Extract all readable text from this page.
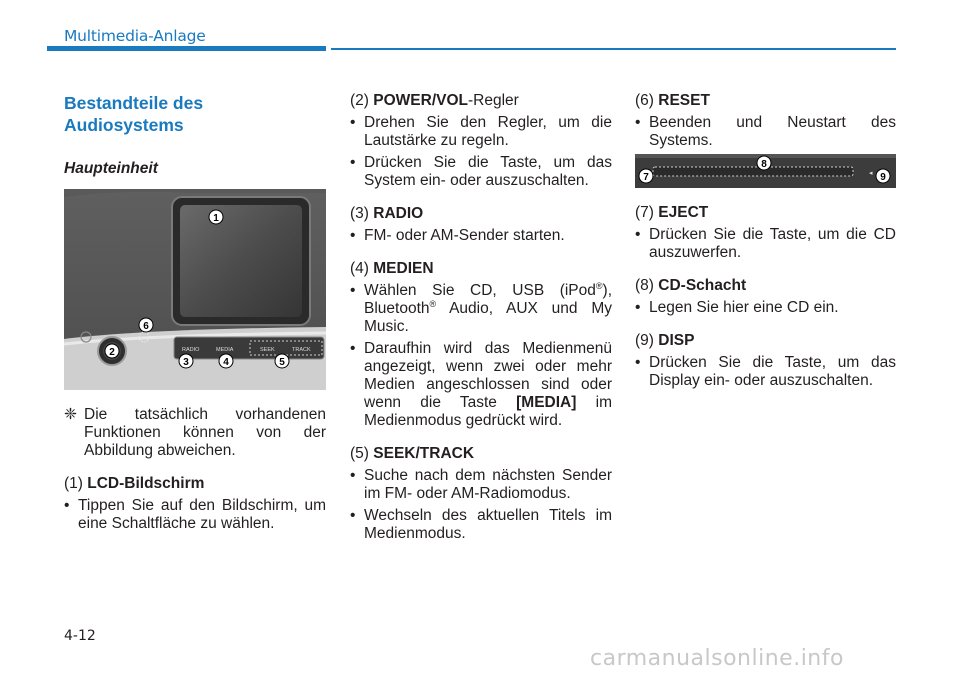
Multimedia-Anlage
Bestandteile des Audiosystems
Haupteinheit
RADIO	MEDIA	SEEK	TRACK
1
2
3	4	5
6

❈ Die tatsächlich vorhandenen Funktionen können von der Abbildung abweichen.

(1) LCD-Bildschirm

• Tippen Sie auf den Bildschirm, um eine Schaltfläche zu wählen.

(2) POWER/VOL-Regler

• Drehen Sie den Regler, um die Lautstärke zu regeln.

• Drücken Sie die Taste, um das System ein- oder auszuschalten.

(3) RADIO

• FM- oder AM-Sender starten.

(4) MEDIEN

• Wählen Sie CD, USB (iPod®), Bluetooth® Audio, AUX und My Music.

• Daraufhin wird das Medienmenü angezeigt, wenn zwei oder mehr Medien angeschlossen sind oder wenn die Taste [MEDIA] im Medienmodus gedrückt wird.

(5) SEEK/TRACK

• Suche nach dem nächsten Sender im FM- oder AM-Radiomodus.

• Wechseln des aktuellen Titels im Medienmodus.

(6) RESET

• Beenden und Neustart des Systems.

◂
7
8
9

(7) EJECT

• Drücken Sie die Taste, um die CD auszuwerfen.

(8) CD-Schacht

• Legen Sie hier eine CD ein.

(9) DISP

• Drücken Sie die Taste, um das Display ein- oder auszuschalten.

4-12
carmanualsonline.info
